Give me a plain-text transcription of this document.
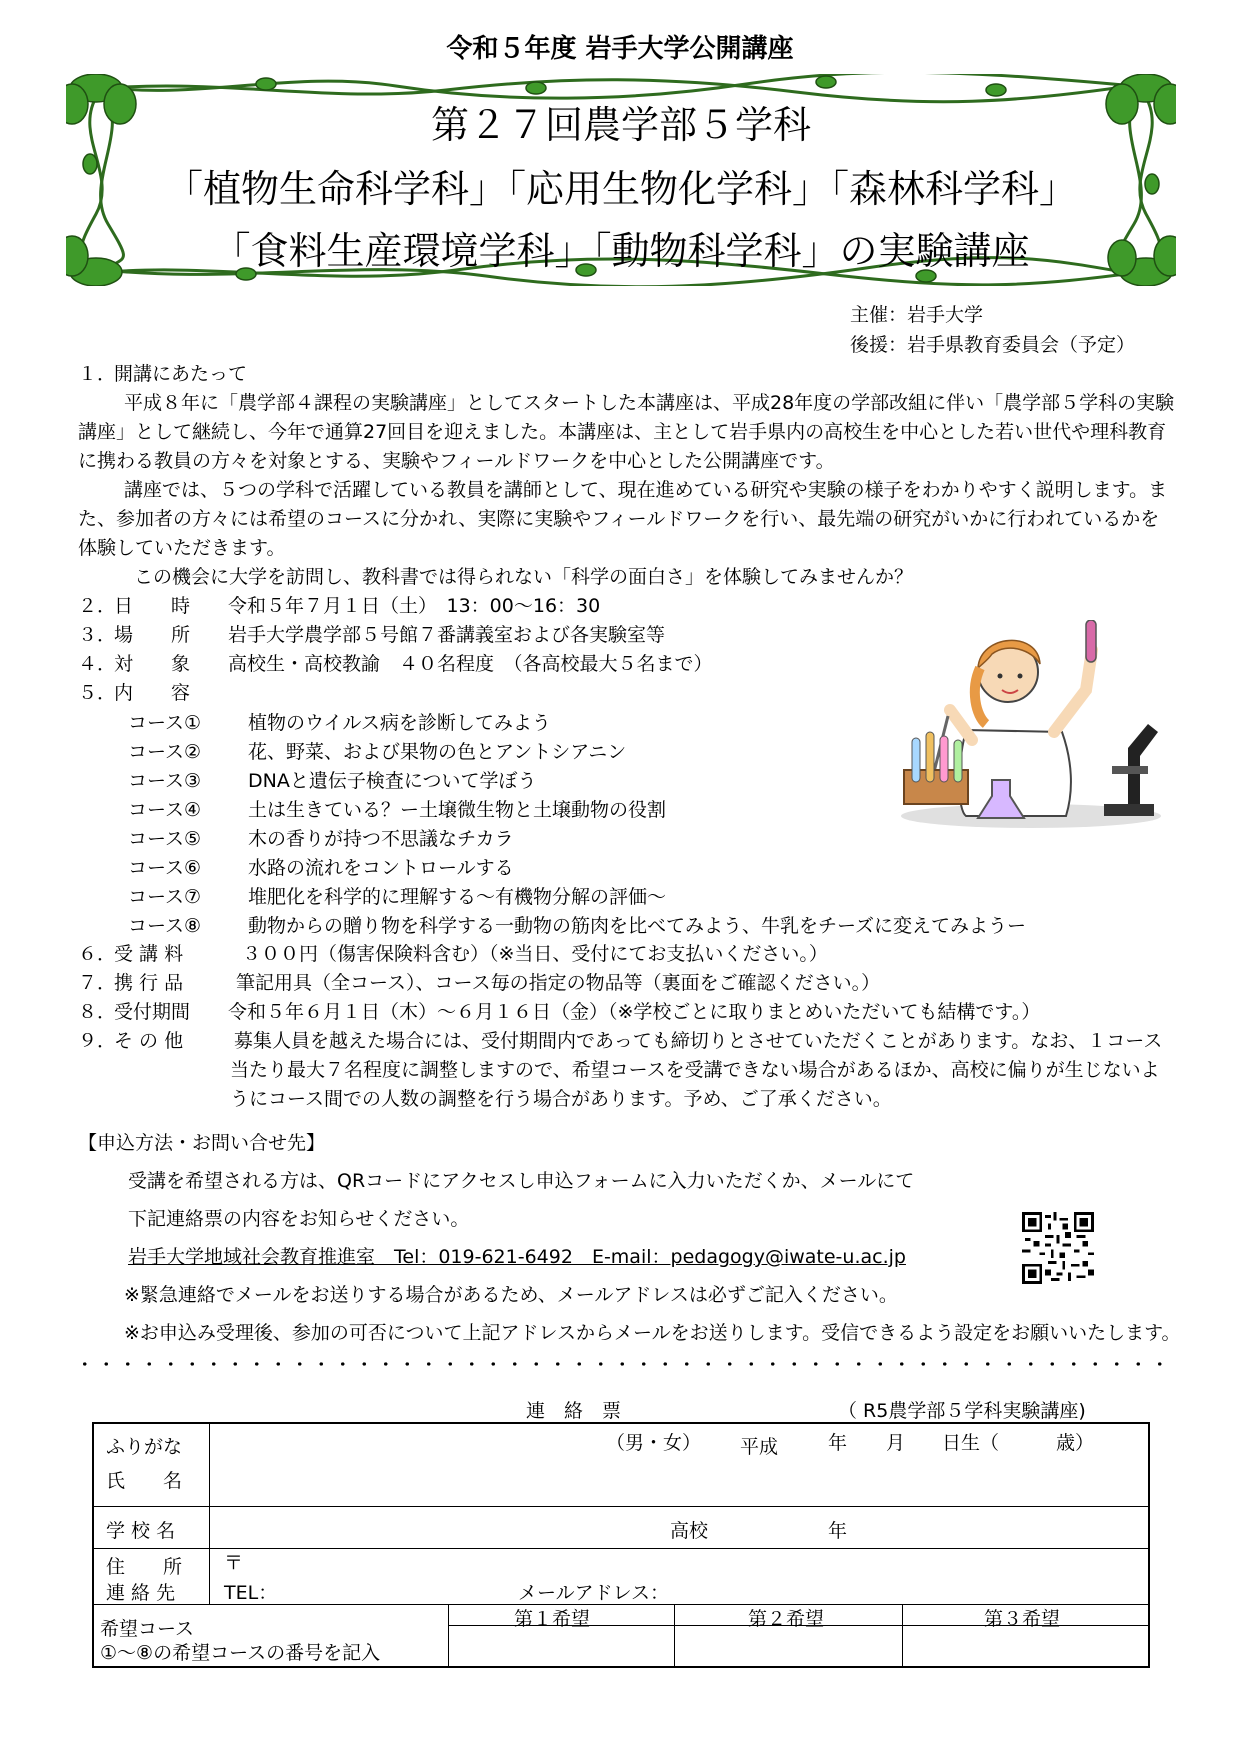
令和５年度 岩手大学公開講座
第２７回農学部５学科
「植物生命科学科」「応用生物化学科」「森林科学科」
「食料生産環境学科」「動物科学科」の実験講座
主催：岩手大学
後援：岩手県教育委員会（予定）
１．開講にあたって
平成８年に「農学部４課程の実験講座」としてスタートした本講座は、平成28年度の学部改組に伴い「農学部５学科の実験講座」として継続し、今年で通算27回目を迎えました。本講座は、主として岩手県内の高校生を中心とした若い世代や理科教育に携わる教員の方々を対象とする、実験やフィールドワークを中心とした公開講座です。
講座では、５つの学科で活躍している教員を講師として、現在進めている研究や実験の様子をわかりやすく説明します。また、参加者の方々には希望のコースに分かれ、実際に実験やフィールドワークを行い、最先端の研究がいかに行われているかを体験していただきます。
この機会に大学を訪問し、教科書では得られない「科学の面白さ」を体験してみませんか？
２．日　　時 令和５年７月１日（土）　13：00～16：30
３．場　　所 岩手大学農学部５号館７番講義室および各実験室等
４．対　　象 高校生・高校教諭　４０名程度　（各高校最大５名まで）
５．内　　容
コース① 植物のウイルス病を診断してみよう
コース② 花、野菜、および果物の色とアントシアニン
コース③ DNAと遺伝子検査について学ぼう
コース④ 土は生きている？ー土壌微生物と土壌動物の役割
コース⑤ 木の香りが持つ不思議なチカラ
コース⑥ 水路の流れをコントロールする
コース⑦ 堆肥化を科学的に理解する～有機物分解の評価～
コース⑧ 動物からの贈り物を科学する一動物の筋肉を比べてみよう、牛乳をチーズに変えてみようー
６．受 講 料	３００円（傷害保険料含む）（※当日、受付にてお支払いください。）
７．携 行 品	筆記用具（全コース）、コース毎の指定の物品等（裏面をご確認ください。）
８．受付期間 令和５年６月１日（木）～６月１６日（金）（※学校ごとに取りまとめいただいても結構です。）
９．そ の 他	募集人員を越えた場合には、受付期間内であっても締切りとさせていただくことがあります。なお、１コース当たり最大７名程度に調整しますので、希望コースを受講できない場合があるほか、高校に偏りが生じないようにコース間での人数の調整を行う場合があります。予め、ご了承ください。
【申込方法・お問い合せ先】
受講を希望される方は、QRコードにアクセスし申込フォームに入力いただくか、メールにて
下記連絡票の内容をお知らせください。
岩手大学地域社会教育推進室　Tel：019-621-6492　E-mail：pedagogy@iwate-u.ac.jp
※緊急連絡でメールをお送りする場合があるため、メールアドレスは必ずご記入ください。
※お申込み受理後、参加の可否について上記アドレスからメールをお送りします。受信できるよう設定をお願いいたします。
連　絡　票	（ R5農学部５学科実験講座)
ふりがな
氏　　名
（男・女） 平成	年 月 日生（	歳）
学 校 名	高校	年
住　　所 〒
連 絡 先	TEL：	メールアドレス：
希望コース
①～⑧の希望コースの番号を記入
第１希望	第２希望	第３希望
